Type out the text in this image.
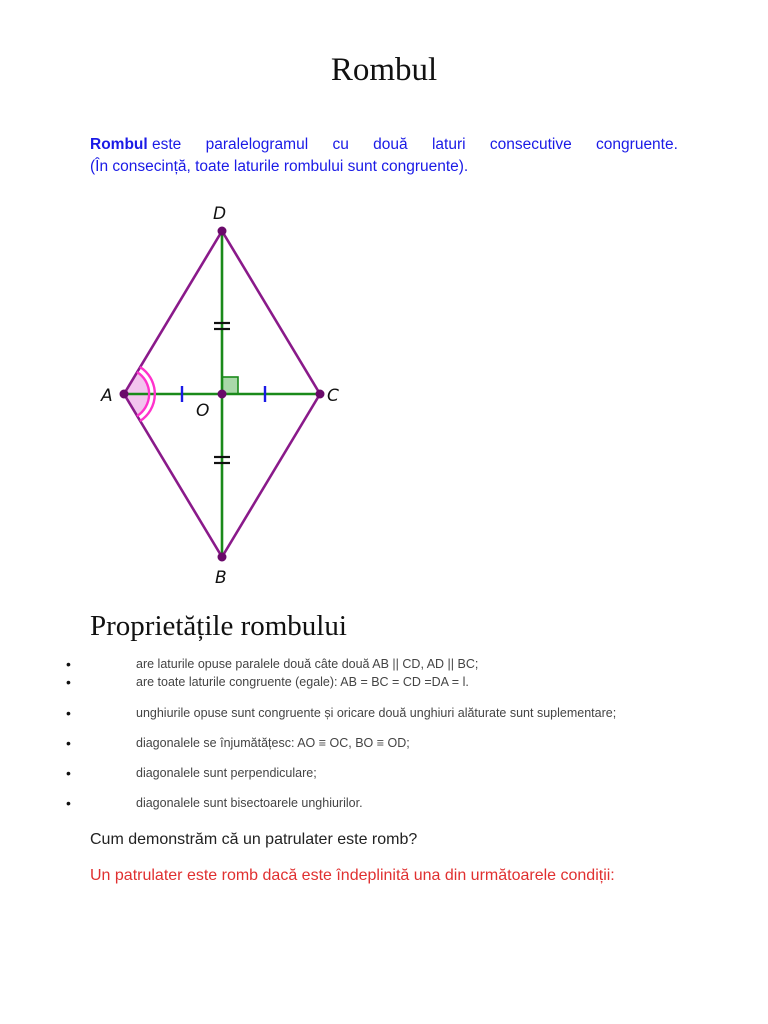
Rombul
Rombul este paralelogramul cu două laturi consecutive congruente.
(În consecință, toate laturile rombului sunt congruente).
D
A	C
O
B
Proprietățile rombului
•	are laturile opuse paralele două câte două AB || CD, AD || BC;
•	are toate laturile congruente (egale): AB = BC = CD =DA = l.
•	unghiurile opuse sunt congruente și oricare două unghiuri alăturate sunt suplementare;
•	diagonalele se înjumătățesc: AO ≡ OC, BO ≡ OD;
•	diagonalele sunt perpendiculare;
•	diagonalele sunt bisectoarele unghiurilor.
Cum demonstrăm că un patrulater este romb?
Un patrulater este romb dacă este îndeplinită una din următoarele condiții:
